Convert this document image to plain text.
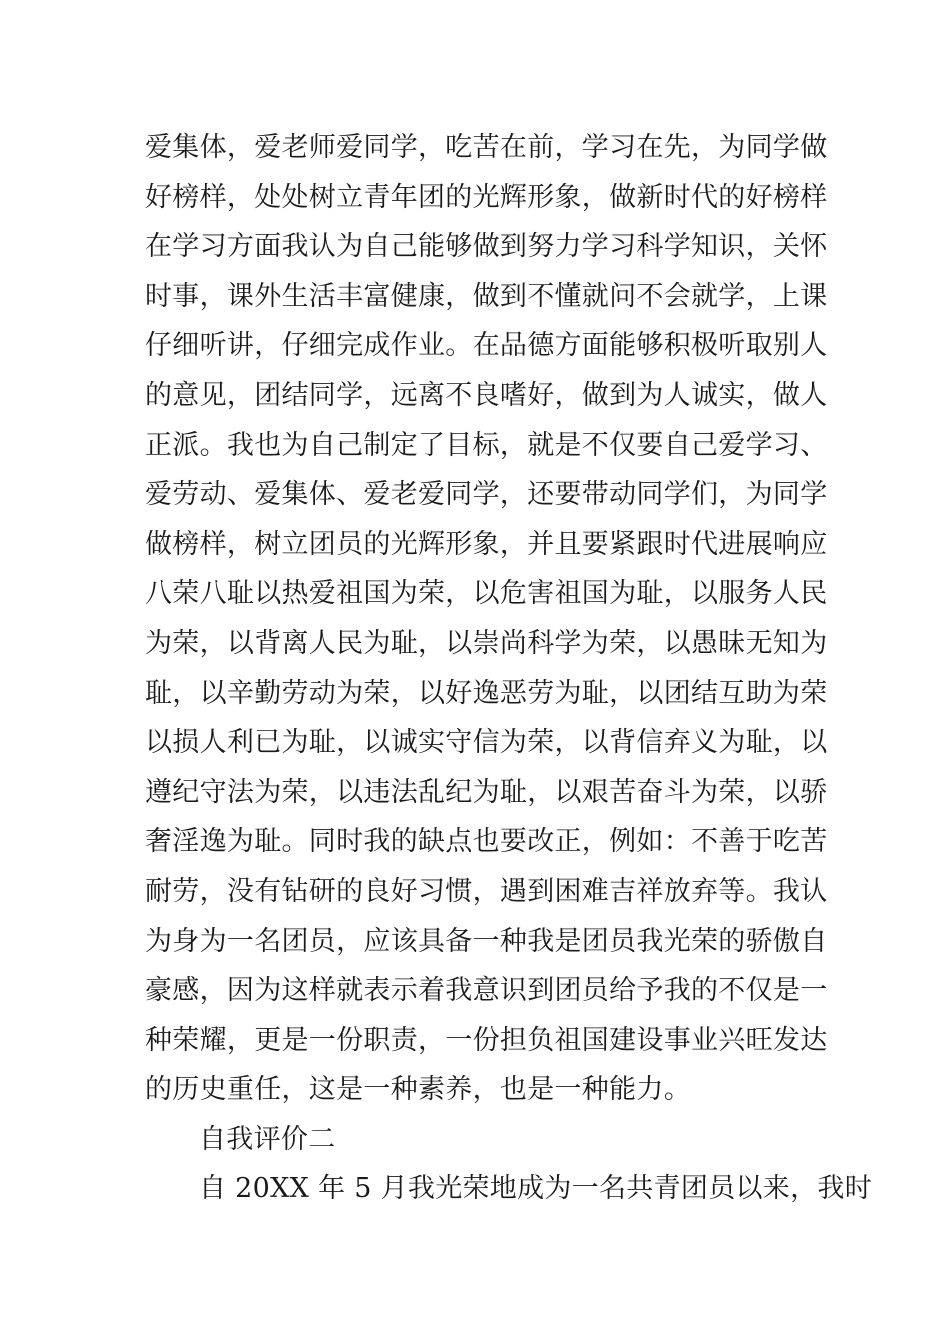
爱集体，爱老师爱同学，吃苦在前，学习在先，为同学做
好榜样，处处树立青年团的光辉形象，做新时代的好榜样
在学习方面我认为自己能够做到努力学习科学知识，关怀
时事，课外生活丰富健康，做到不懂就问不会就学，上课
仔细听讲，仔细完成作业。在品德方面能够积极听取别人
的意见，团结同学，远离不良嗜好，做到为人诚实，做人
正派。我也为自己制定了目标，就是不仅要自己爱学习、
爱劳动、爱集体、爱老爱同学，还要带动同学们，为同学
做榜样，树立团员的光辉形象，并且要紧跟时代进展响应
八荣八耻以热爱祖国为荣，以危害祖国为耻，以服务人民
为荣，以背离人民为耻，以崇尚科学为荣，以愚昧无知为
耻，以辛勤劳动为荣，以好逸恶劳为耻，以团结互助为荣
以损人利已为耻，以诚实守信为荣，以背信弃义为耻，以
遵纪守法为荣，以违法乱纪为耻，以艰苦奋斗为荣，以骄
奢淫逸为耻。同时我的缺点也要改正，例如：不善于吃苦
耐劳，没有钻研的良好习惯，遇到困难吉祥放弃等。我认
为身为一名团员，应该具备一种我是团员我光荣的骄傲自
豪感，因为这样就表示着我意识到团员给予我的不仅是一
种荣耀，更是一份职责，一份担负祖国建设事业兴旺发达
的历史重任，这是一种素养，也是一种能力。
自我评价二
自 20XX 年 5 月我光荣地成为一名共青团员以来，我时
